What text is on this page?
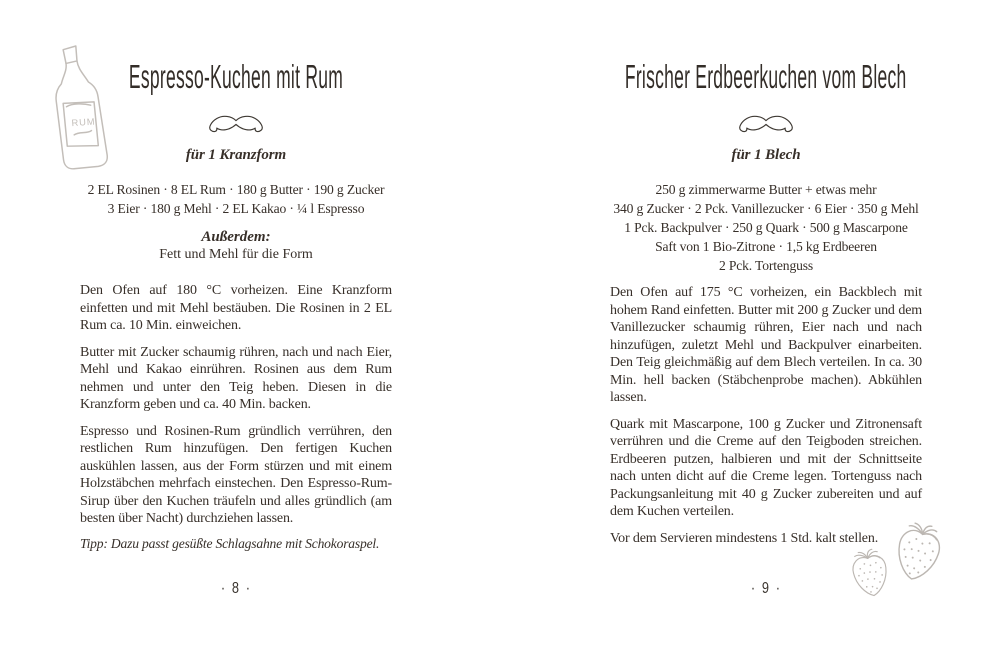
RUM
Espresso-Kuchen mit Rum
für 1 Kranzform
2 EL Rosinen · 8 EL Rum · 180 g Butter · 190 g Zucker
3 Eier · 180 g Mehl · 2 EL Kakao · ¼ l Espresso
Außerdem:
Fett und Mehl für die Form

Den Ofen auf 180 °C vorheizen. Eine Kranzform einfetten und mit Mehl bestäuben. Die Rosinen in 2 EL Rum ca. 10 Min. einweichen.

Butter mit Zucker schaumig rühren, nach und nach Eier, Mehl und Kakao einrühren. Rosinen aus dem Rum nehmen und unter den Teig heben. Diesen in die Kranzform geben und ca. 40 Min. backen.

Espresso und Rosinen-Rum gründlich verrühren, den restlichen Rum hinzufügen. Den fertigen Kuchen auskühlen lassen, aus der Form stürzen und mit einem Holzstäbchen mehrfach einstechen. Den Espresso-Rum-Sirup über den Kuchen träufeln und alles gründlich (am besten über Nacht) durchziehen lassen.

Tipp: Dazu passt gesüßte Schlagsahne mit Schokoraspel.
· 8 ·
Frischer Erdbeerkuchen vom Blech
für 1 Blech
250 g zimmerwarme Butter + etwas mehr
340 g Zucker · 2 Pck. Vanillezucker · 6 Eier · 350 g Mehl
1 Pck. Backpulver · 250 g Quark · 500 g Mascarpone
Saft von 1 Bio-Zitrone · 1,5 kg Erdbeeren
2 Pck. Tortenguss

Den Ofen auf 175 °C vorheizen, ein Backblech mit hohem Rand einfetten. Butter mit 200 g Zucker und dem Vanillezucker schaumig rühren, Eier nach und nach hinzufügen, zuletzt Mehl und Backpulver einarbeiten. Den Teig gleichmäßig auf dem Blech verteilen. In ca. 30 Min. hell backen (Stäbchenprobe machen). Abkühlen lassen.

Quark mit Mascarpone, 100 g Zucker und Zitronensaft verrühren und die Creme auf den Teigboden streichen. Erdbeeren putzen, halbieren und mit der Schnittseite nach unten dicht auf die Creme legen. Tortenguss nach Packungsanleitung mit 40 g Zucker zubereiten und auf dem Kuchen verteilen.

Vor dem Servieren mindestens 1 Std. kalt stellen.

· 9 ·
